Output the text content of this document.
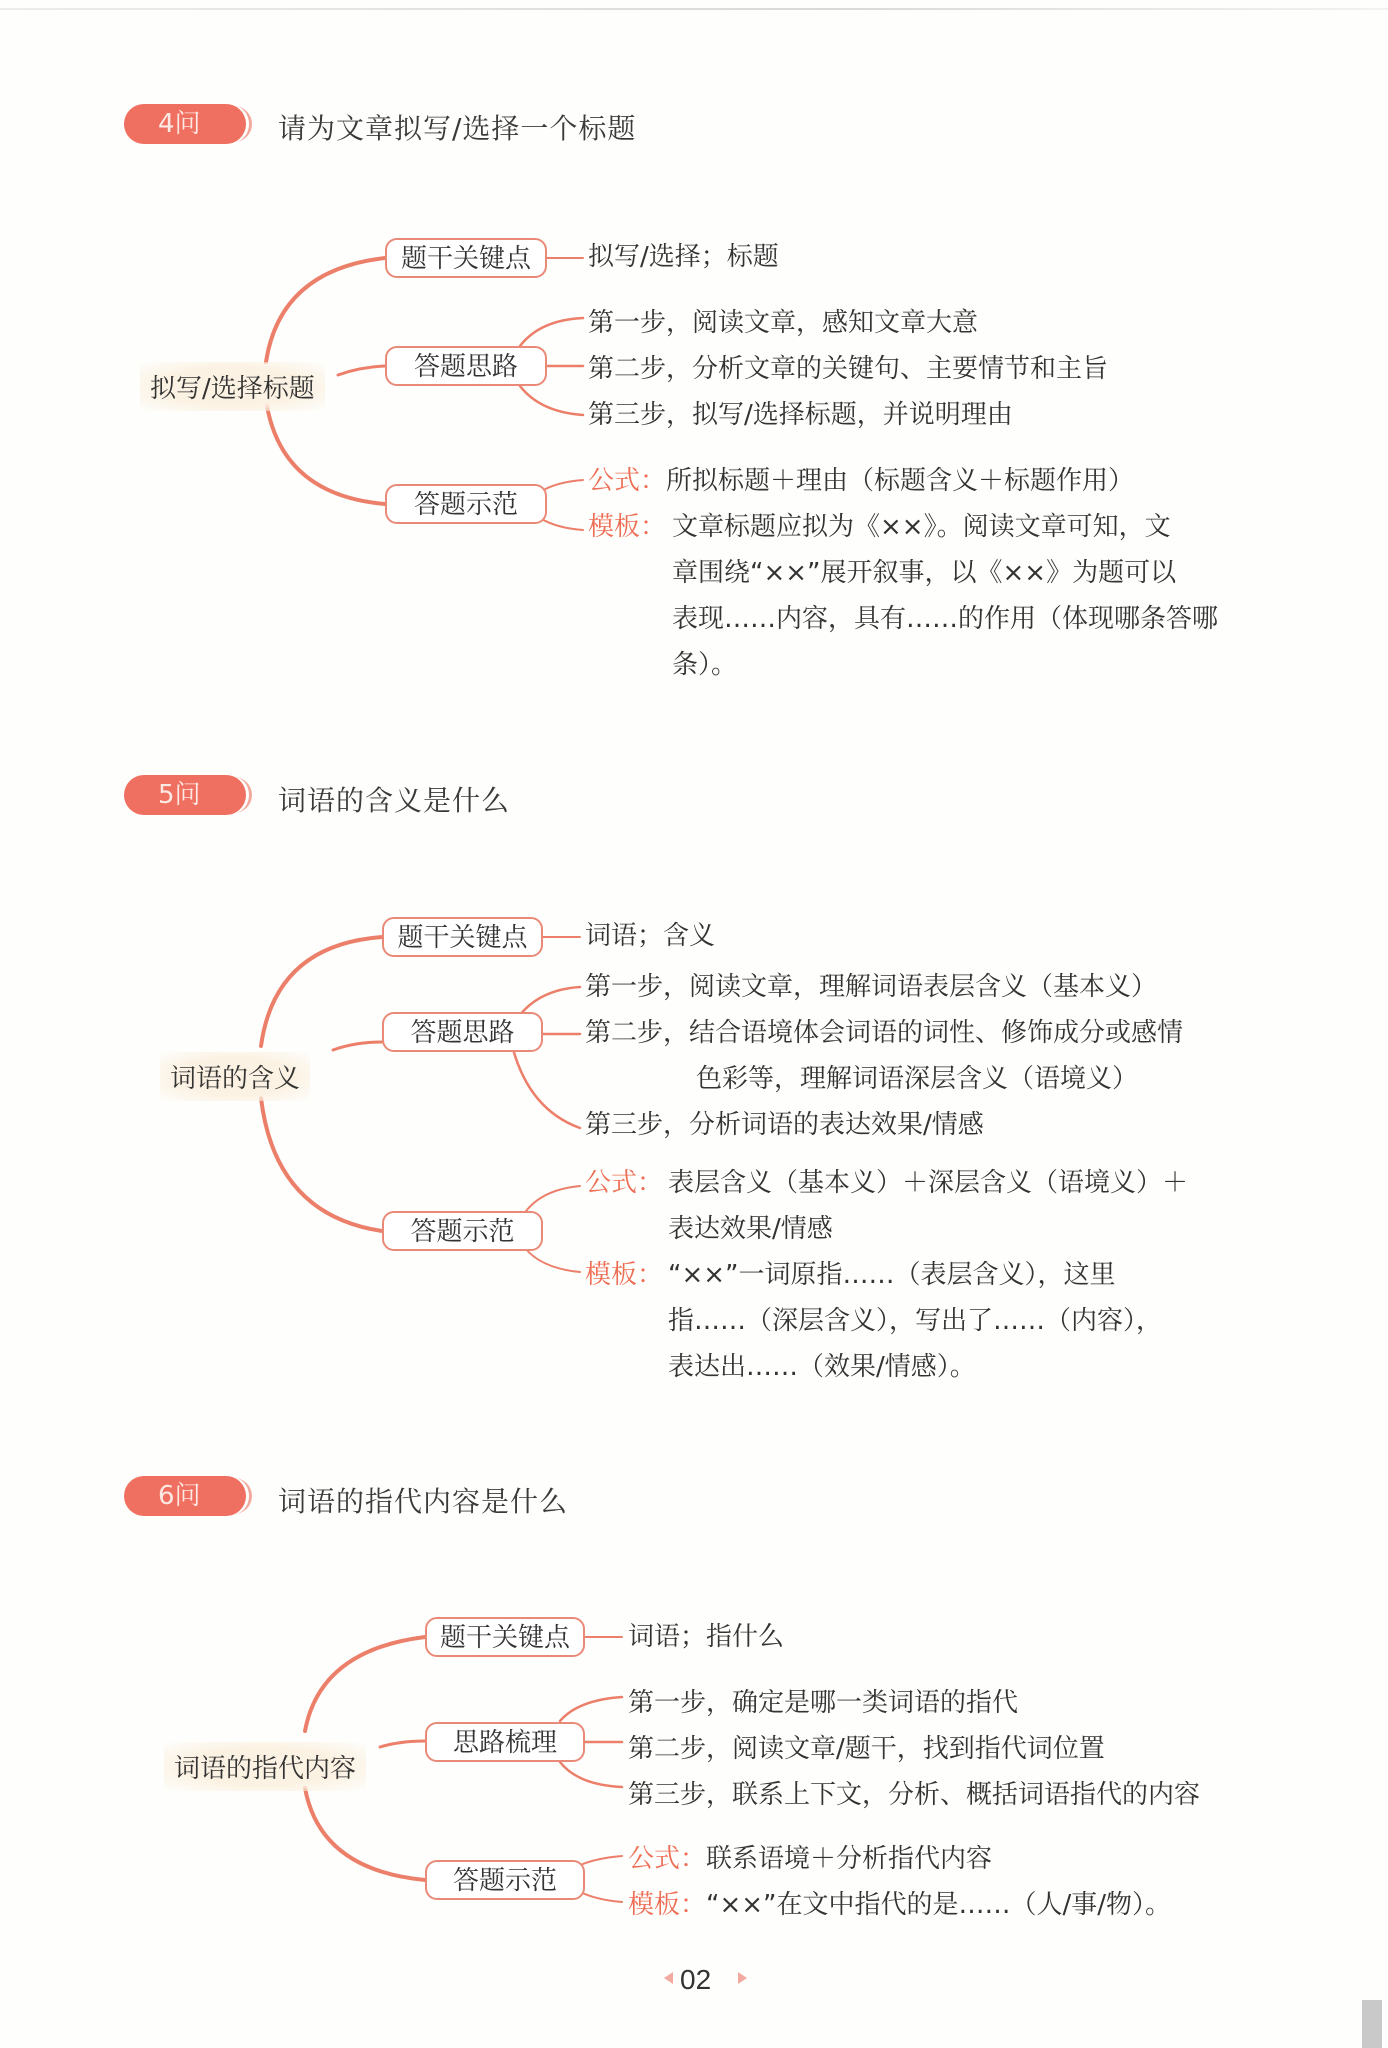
4问	请为文章拟写/选择一个标题
拟写/选择标题
题干关键点	拟写/选择；标题
答题思路
第一步，阅读文章，感知文章大意
第二步，分析文章的关键句、主要情节和主旨
第三步，拟写/选择标题，并说明理由
答题示范
公式：所拟标题＋理由（标题含义＋标题作用）
模板： 文章标题应拟为《××》。阅读文章可知，文
章围绕“××”展开叙事，以《××》为题可以
表现……内容，具有……的作用（体现哪条答哪
条）。
5问	词语的含义是什么
词语的含义
题干关键点	词语；含义
答题思路
第一步，阅读文章，理解词语表层含义（基本义）
第二步，结合语境体会词语的词性、修饰成分或感情
色彩等，理解词语深层含义（语境义）
第三步，分析词语的表达效果/情感
答题示范
公式： 表层含义（基本义）＋深层含义（语境义）＋
表达效果/情感
模板： “××”一词原指……（表层含义），这里
指……（深层含义），写出了……（内容），
表达出……（效果/情感）。
6问	词语的指代内容是什么
词语的指代内容
题干关键点	词语；指什么
思路梳理
第一步，确定是哪一类词语的指代
第二步，阅读文章/题干，找到指代词位置
第三步，联系上下文，分析、概括词语指代的内容
答题示范
公式：联系语境＋分析指代内容
模板：“××”在文中指代的是……（人/事/物）。
02
